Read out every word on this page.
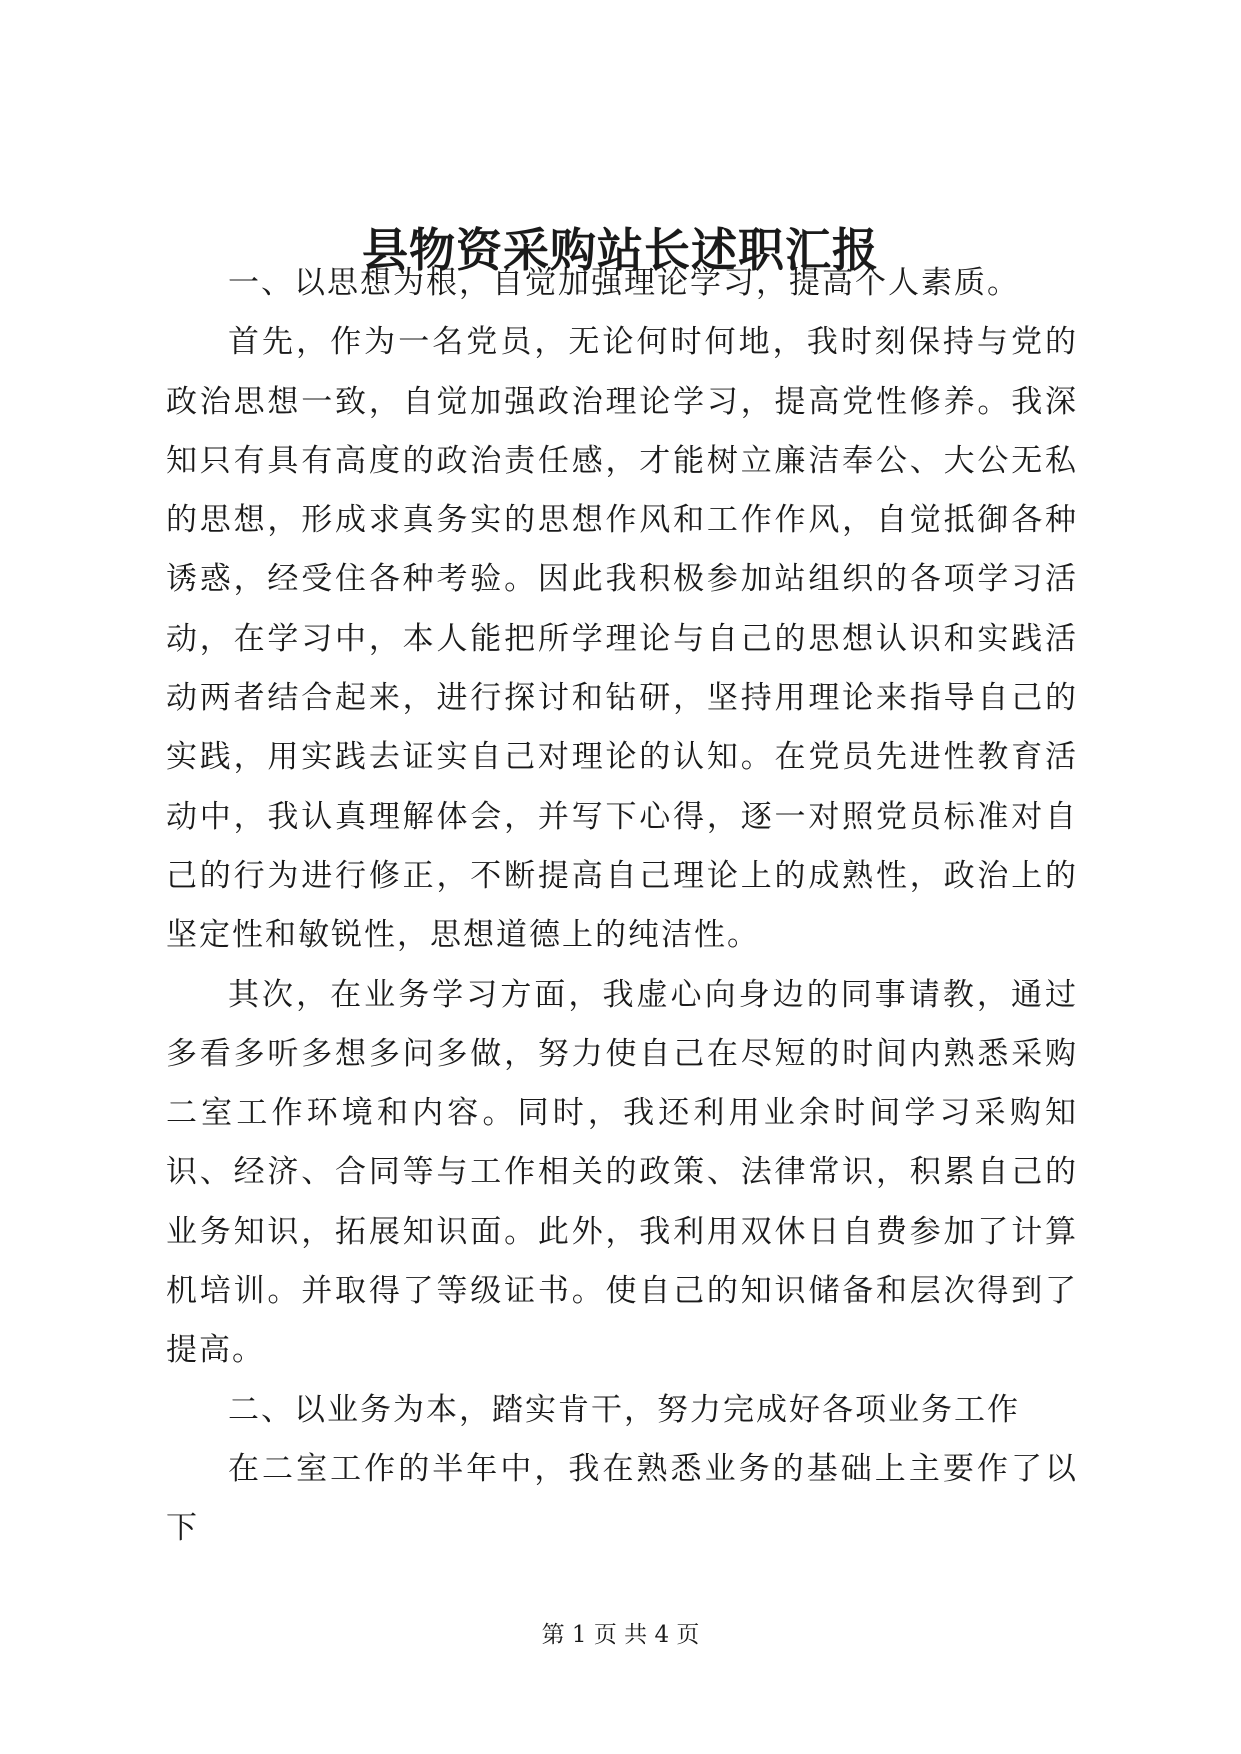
县物资采购站长述职汇报

一、以思想为根，自觉加强理论学习，提高个人素质。

首先，作为一名党员，无论何时何地，我时刻保持与党的政治思想一致，自觉加强政治理论学习，提高党性修养。我深知只有具有高度的政治责任感，才能树立廉洁奉公、大公无私的思想，形成求真务实的思想作风和工作作风，自觉抵御各种诱惑，经受住各种考验。因此我积极参加站组织的各项学习活动，在学习中，本人能把所学理论与自己的思想认识和实践活动两者结合起来，进行探讨和钻研，坚持用理论来指导自己的实践，用实践去证实自己对理论的认知。在党员先进性教育活动中，我认真理解体会，并写下心得，逐一对照党员标准对自己的行为进行修正，不断提高自己理论上的成熟性，政治上的坚定性和敏锐性，思想道德上的纯洁性。

其次，在业务学习方面，我虚心向身边的同事请教，通过多看多听多想多问多做，努力使自己在尽短的时间内熟悉采购二室工作环境和内容。同时，我还利用业余时间学习采购知识、经济、合同等与工作相关的政策、法律常识，积累自己的业务知识，拓展知识面。此外，我利用双休日自费参加了计算机培训。并取得了等级证书。使自己的知识储备和层次得到了提高。

二、以业务为本，踏实肯干，努力完成好各项业务工作

在二室工作的半年中，我在熟悉业务的基础上主要作了以下

第 1 页 共 4 页
